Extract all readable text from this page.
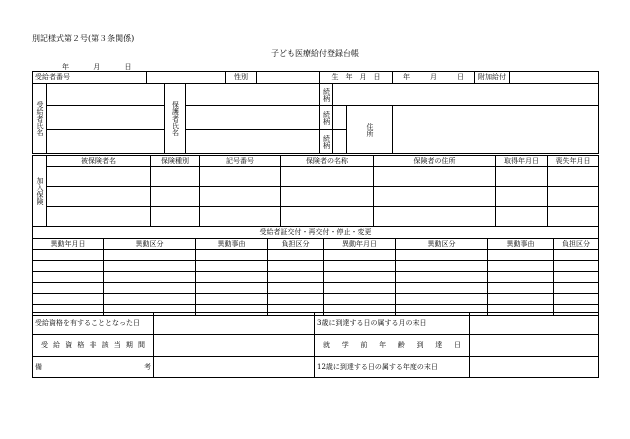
別記様式第２号(第３条関係)
子ども医療給付登録台帳
年	月	日
受給者番号					性別		生　年　月　日			年 月 日	附加給付	
受給者氏名			保護者氏名				続柄					
							続柄		住所			
							続柄					
加入保険	被保険者名	保険種別	記号番号	保険者の名称	保険者の住所	取得年月日	喪失年月日

受給者証交付・再交付・停止・変更							
異動年月日	異動区分	異動事由	負担区分	異動年月日	異動区分	異動事由	負担区分

受給資格を有することとなった日		3歳に到達する日の属する月の末日	
受給資格非該当期間		就学前年齢到達日	

備 考		12歳に到達する日の属する年度の末日	
